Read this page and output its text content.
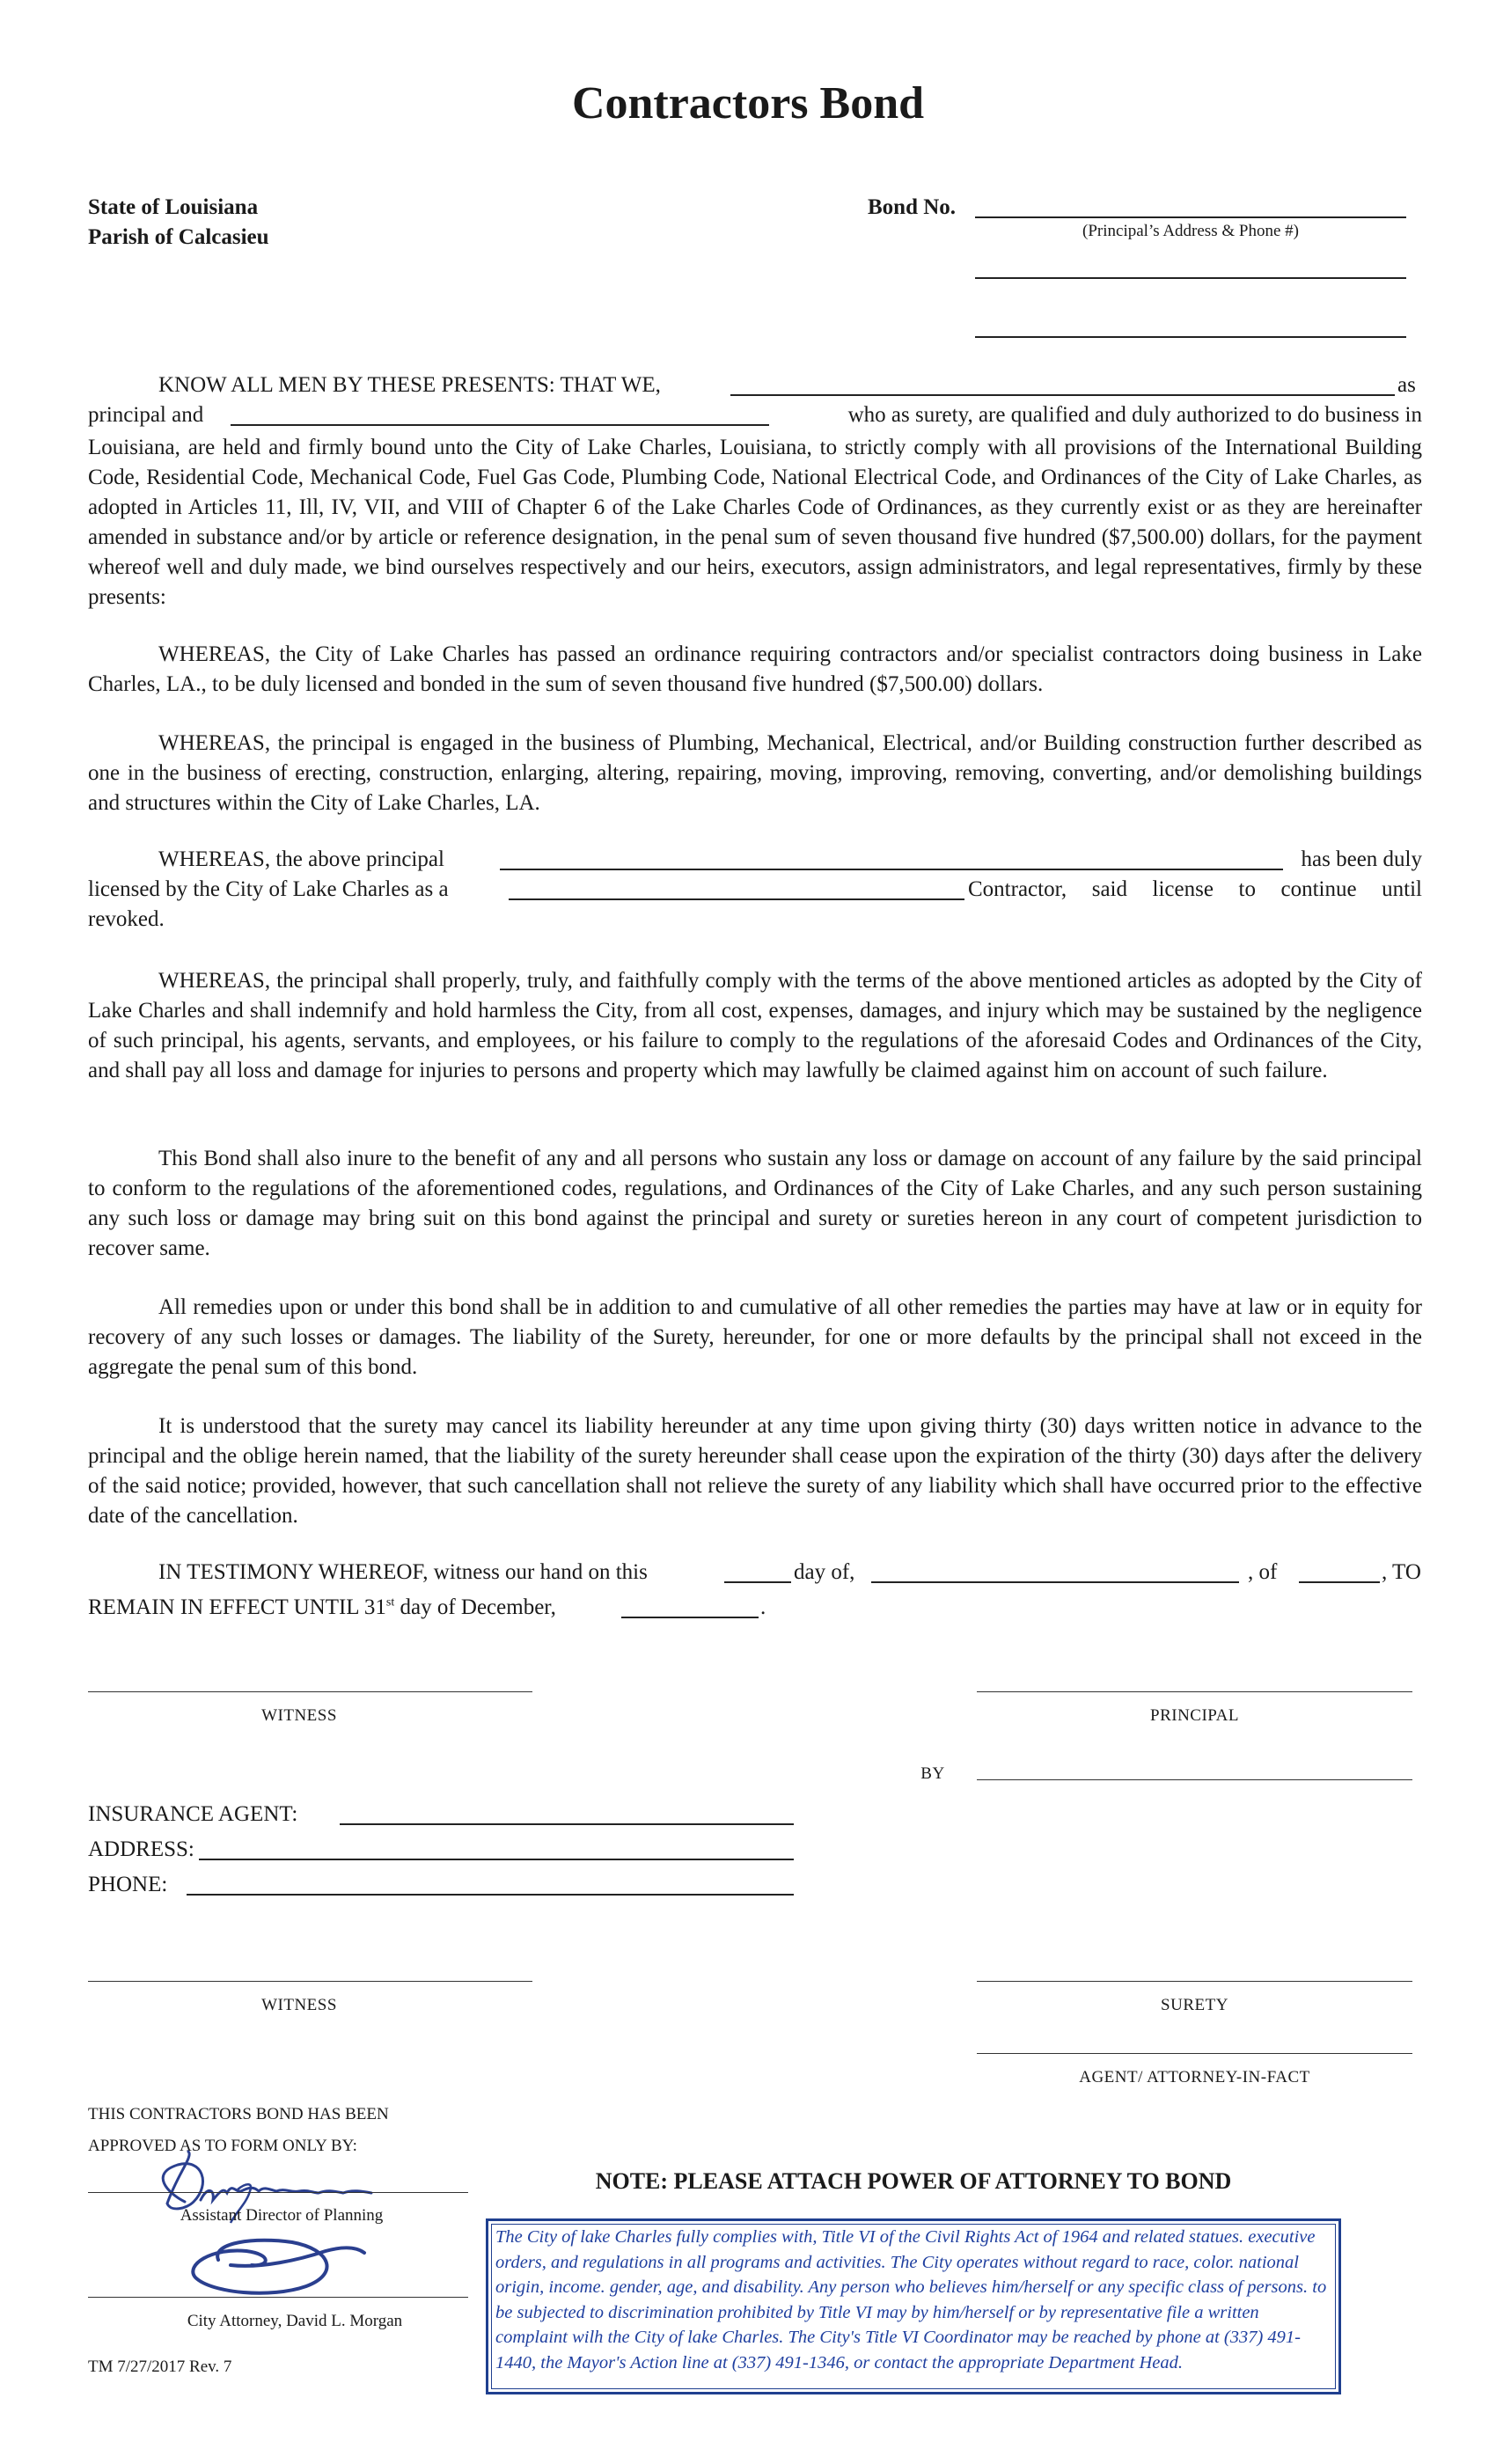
Contractors Bond
State of Louisiana
Parish of Calcasieu
Bond No.
(Principal’s Address & Phone #)
KNOW ALL MEN BY THESE PRESENTS: THAT WE,	as
principal and	who as surety, are qualified and duly authorized to do business in

Louisiana, are held and firmly bound unto the City of Lake Charles, Louisiana, to strictly comply with all provisions of the International Building Code, Residential Code, Mechanical Code, Fuel Gas Code, Plumbing Code, National Electrical Code, and Ordinances of the City of Lake Charles, as adopted in Articles 11, Ill, IV, VII, and VIII of Chapter 6 of the Lake Charles Code of Ordinances, as they currently exist or as they are hereinafter amended in substance and/or by article or reference designation, in the penal sum of seven thousand five hundred ($7,500.00) dollars, for the payment whereof well and duly made, we bind ourselves respectively and our heirs, executors, assign administrators, and legal representatives, firmly by these presents:

WHEREAS, the City of Lake Charles has passed an ordinance requiring contractors and/or specialist contractors doing business in Lake Charles, LA., to be duly licensed and bonded in the sum of seven thousand five hundred ($7,500.00) dollars.

WHEREAS, the principal is engaged in the business of Plumbing, Mechanical, Electrical, and/or Building construction further described as one in the business of erecting, construction, enlarging, altering, repairing, moving, improving, removing, converting, and/or demolishing buildings and structures within the City of Lake Charles, LA.

WHEREAS, the above principal	has been duly
licensed by the City of Lake Charles as a	Contractor, said license to continue until
revoked.

WHEREAS, the principal shall properly, truly, and faithfully comply with the terms of the above mentioned articles as adopted by the City of Lake Charles and shall indemnify and hold harmless the City, from all cost, expenses, damages, and injury which may be sustained by the negligence of such principal, his agents, servants, and employees, or his failure to comply to the regulations of the aforesaid Codes and Ordinances of the City, and shall pay all loss and damage for injuries to persons and property which may lawfully be claimed against him on account of such failure.

This Bond shall also inure to the benefit of any and all persons who sustain any loss or damage on account of any failure by the said principal to conform to the regulations of the aforementioned codes, regulations, and Ordinances of the City of Lake Charles, and any such person sustaining any such loss or damage may bring suit on this bond against the principal and surety or sureties hereon in any court of competent jurisdiction to recover same.

All remedies upon or under this bond shall be in addition to and cumulative of all other remedies the parties may have at law or in equity for recovery of any such losses or damages. The liability of the Surety, hereunder, for one or more defaults by the principal shall not exceed in the aggregate the penal sum of this bond.

It is understood that the surety may cancel its liability hereunder at any time upon giving thirty (30) days written notice in advance to the principal and the oblige herein named, that the liability of the surety hereunder shall cease upon the expiration of the thirty (30) days after the delivery of the said notice; provided, however, that such cancellation shall not relieve the surety of any liability which shall have occurred prior to the effective date of the cancellation.

IN TESTIMONY WHEREOF, witness our hand on this	day of,	, of	, TO
REMAIN IN EFFECT UNTIL 31st day of December,	.
WITNESS	PRINCIPAL
BY
INSURANCE AGENT:
ADDRESS:
PHONE:
WITNESS	SURETY
AGENT/ ATTORNEY-IN-FACT
THIS CONTRACTORS BOND HAS BEEN
APPROVED AS TO FORM ONLY BY:
Assistant Director of Planning
City Attorney, David L. Morgan
TM 7/27/2017 Rev. 7
NOTE: PLEASE ATTACH POWER OF ATTORNEY TO BOND
The City of lake Charles fully complies with, Title VI of the Civil Rights Act of 1964 and related statues. executive orders, and regulations in all programs and activities. The City operates without regard to race, color. national origin, income. gender, age, and disability. Any person who believes him/herself or any specific class of persons. to be subjected to discrimination prohibited by Title VI may by him/herself or by representative file a written complaint wilh the City of lake Charles. The City's Title VI Coordinator may be reached by phone at (337) 491-1440, the Mayor's Action line at (337) 491-1346, or contact the appropriate Department Head.
